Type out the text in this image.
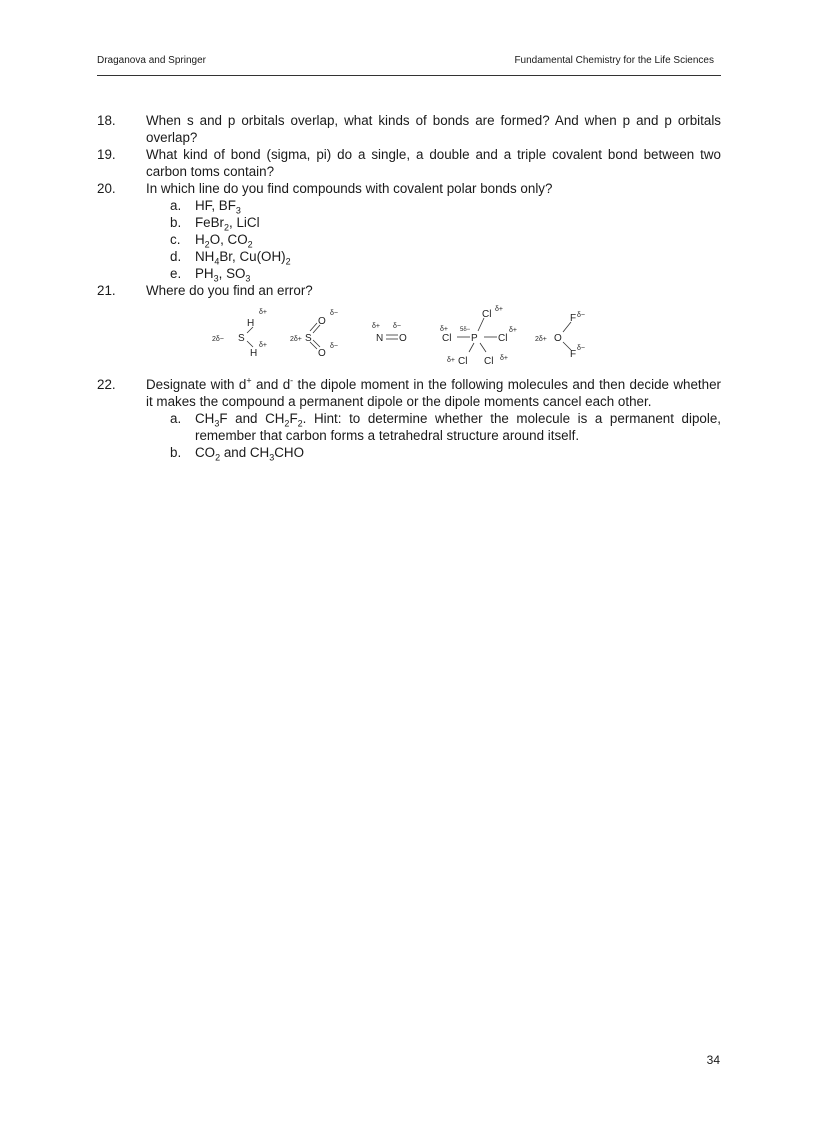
Draganova and Springer	Fundamental Chemistry for the Life Sciences
18. When s and p orbitals overlap, what kinds of bonds are formed? And when p and p orbitals overlap?
19. What kind of bond (sigma, pi) do a single, a double and a triple covalent bond between two carbon toms contain?
20. In which line do you find compounds with covalent polar bonds only?
a. HF, $BF_3$
b. FeBr$_2$, LiCl
c. $H_2O$, $CO_2$
d. $NH_4Br$, $Cu(OH)_2$
e. $PH_3$, $SO_3$
21. Where do you find an error?
H
δ+
2δ− S
H
δ+
O
δ−
2δ+ S
O
δ−
δ+ δ−
N O
Cl δ+
δ+ 5δ−
Cl P Cl
δ+
δ+ Cl Cl δ+
F δ−
2δ+ O
F
δ−
22. Designate with d+ and d- the dipole moment in the following molecules and then decide whether it makes the compound a permanent dipole or the dipole moments cancel each other.
a. $CH_3F$ and $CH_2F_2$. Hint: to determine whether the molecule is a permanent dipole, remember that carbon forms a tetrahedral structure around itself.
b. $CO_2$ and $CH_3CHO$
34
